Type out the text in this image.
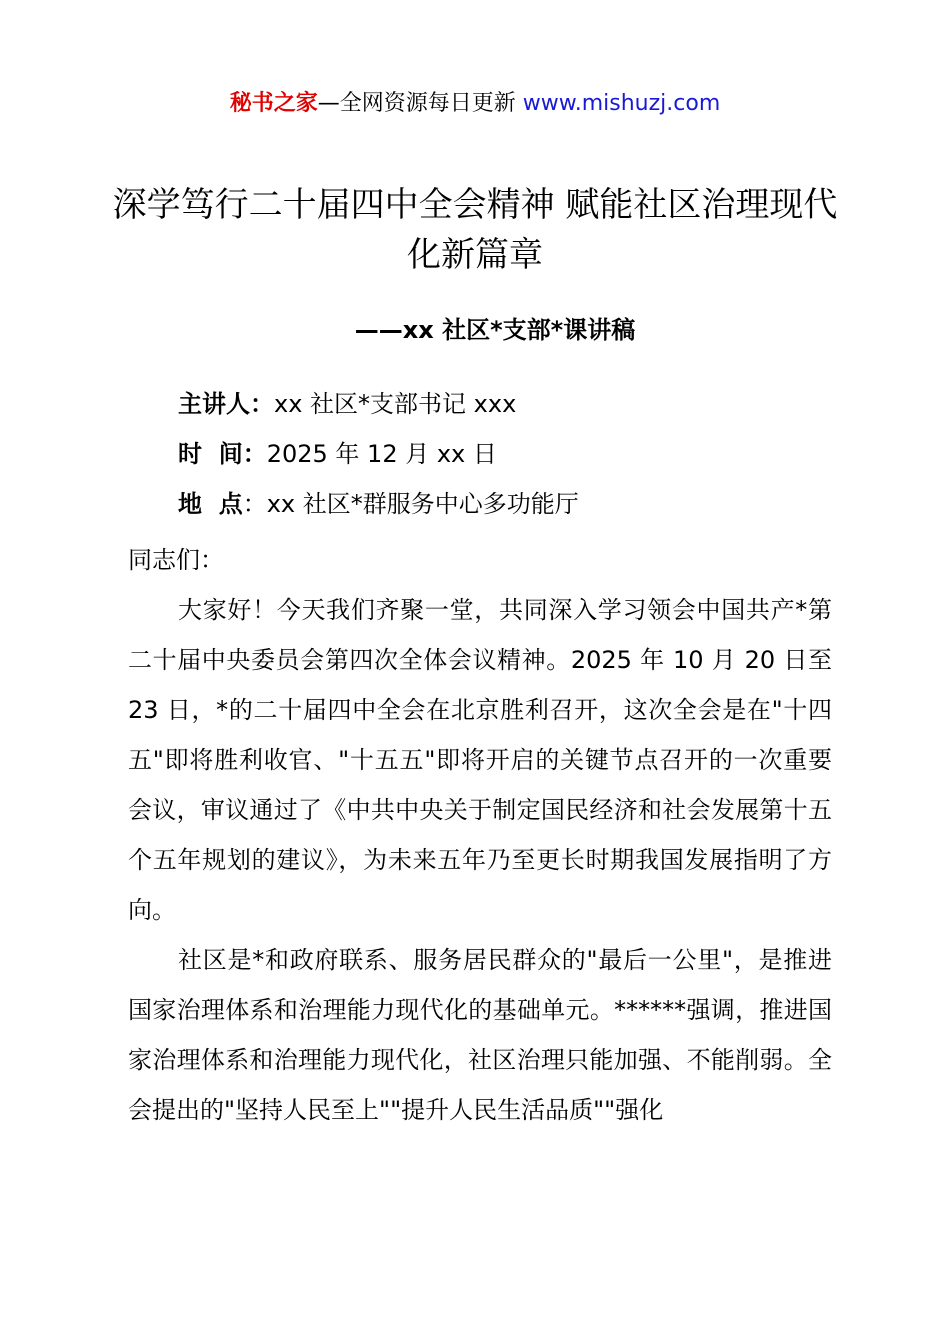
秘书之家—全网资源每日更新 www.mishuzj.com
深学笃行二十届四中全会精神 赋能社区治理现代化新篇章
——xx 社区*支部*课讲稿
主讲人：xx 社区*支部书记 xxx
时  间：2025 年 12 月 xx 日
地  点：xx 社区*群服务中心多功能厅

同志们：

大家好！今天我们齐聚一堂，共同深入学习领会中国共产*第二十届中央委员会第四次全体会议精神。2025 年 10 月 20 日至 23 日，*的二十届四中全会在北京胜利召开，这次全会是在"十四五"即将胜利收官、"十五五"即将开启的关键节点召开的一次重要会议，审议通过了《中共中央关于制定国民经济和社会发展第十五个五年规划的建议》，为未来五年乃至更长时期我国发展指明了方向。

社区是*和政府联系、服务居民群众的"最后一公里"，是推进国家治理体系和治理能力现代化的基础单元。******强调，推进国家治理体系和治理能力现代化，社区治理只能加强、不能削弱。全会提出的"坚持人民至上""提升人民生活品质""强化
